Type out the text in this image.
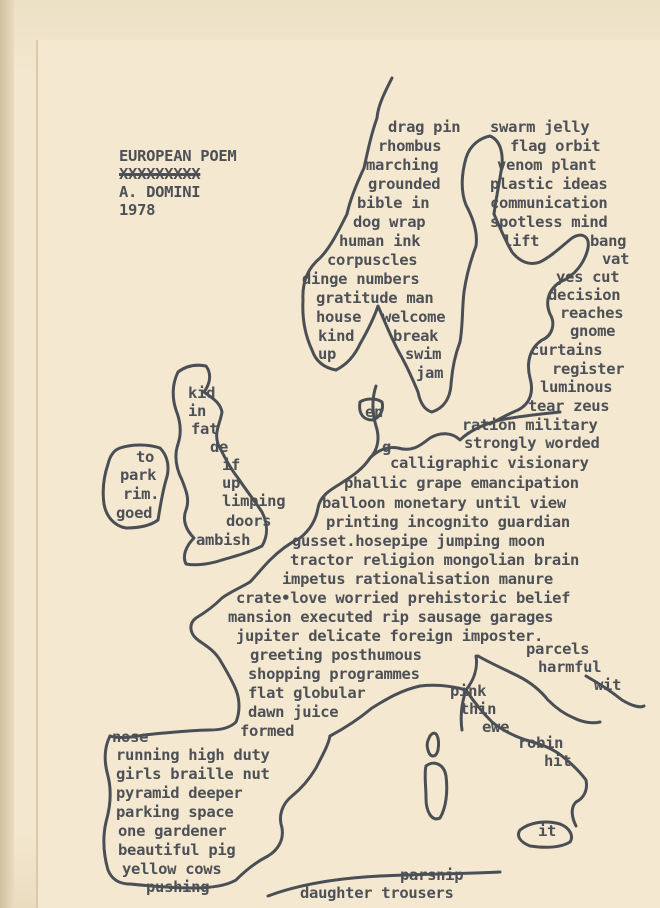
EUROPEAN POEM
XXXXXXXXX
A. DOMINI
1978
drag pin
rhombus
marching
grounded
bible in
dog wrap
human ink
corpuscles
dinge numbers
gratitude man
house
kind
up
welcome
break
swim
jam
swarm jelly
flag orbit
venom plant
plastic ideas
communication
spotless mind
lift	bang
vat
yes cut
decision
reaches
gnome
curtains
register
luminous
tear zeus
ration military
kid
in
fat
de
if
up
limping
doors
ambish
to
park
rim.
goed
en
g	strongly worded
calligraphic visionary
phallic grape emancipation
balloon monetary until view
printing incognito guardian
gusset.hosepipe jumping moon
tractor religion mongolian brain
impetus rationalisation manure
crate•love worried prehistoric belief
mansion executed rip sausage garages
jupiter delicate foreign imposter.
greeting posthumous
shopping programmes
flat globular
dawn juice
formed
parcels
harmful
wit
pink
thin
ewe
robin
hit
it
nose
running high duty
girls braille nut
pyramid deeper
parking space
one gardener
beautiful pig
yellow cows
pushing
parsnip
daughter trousers
